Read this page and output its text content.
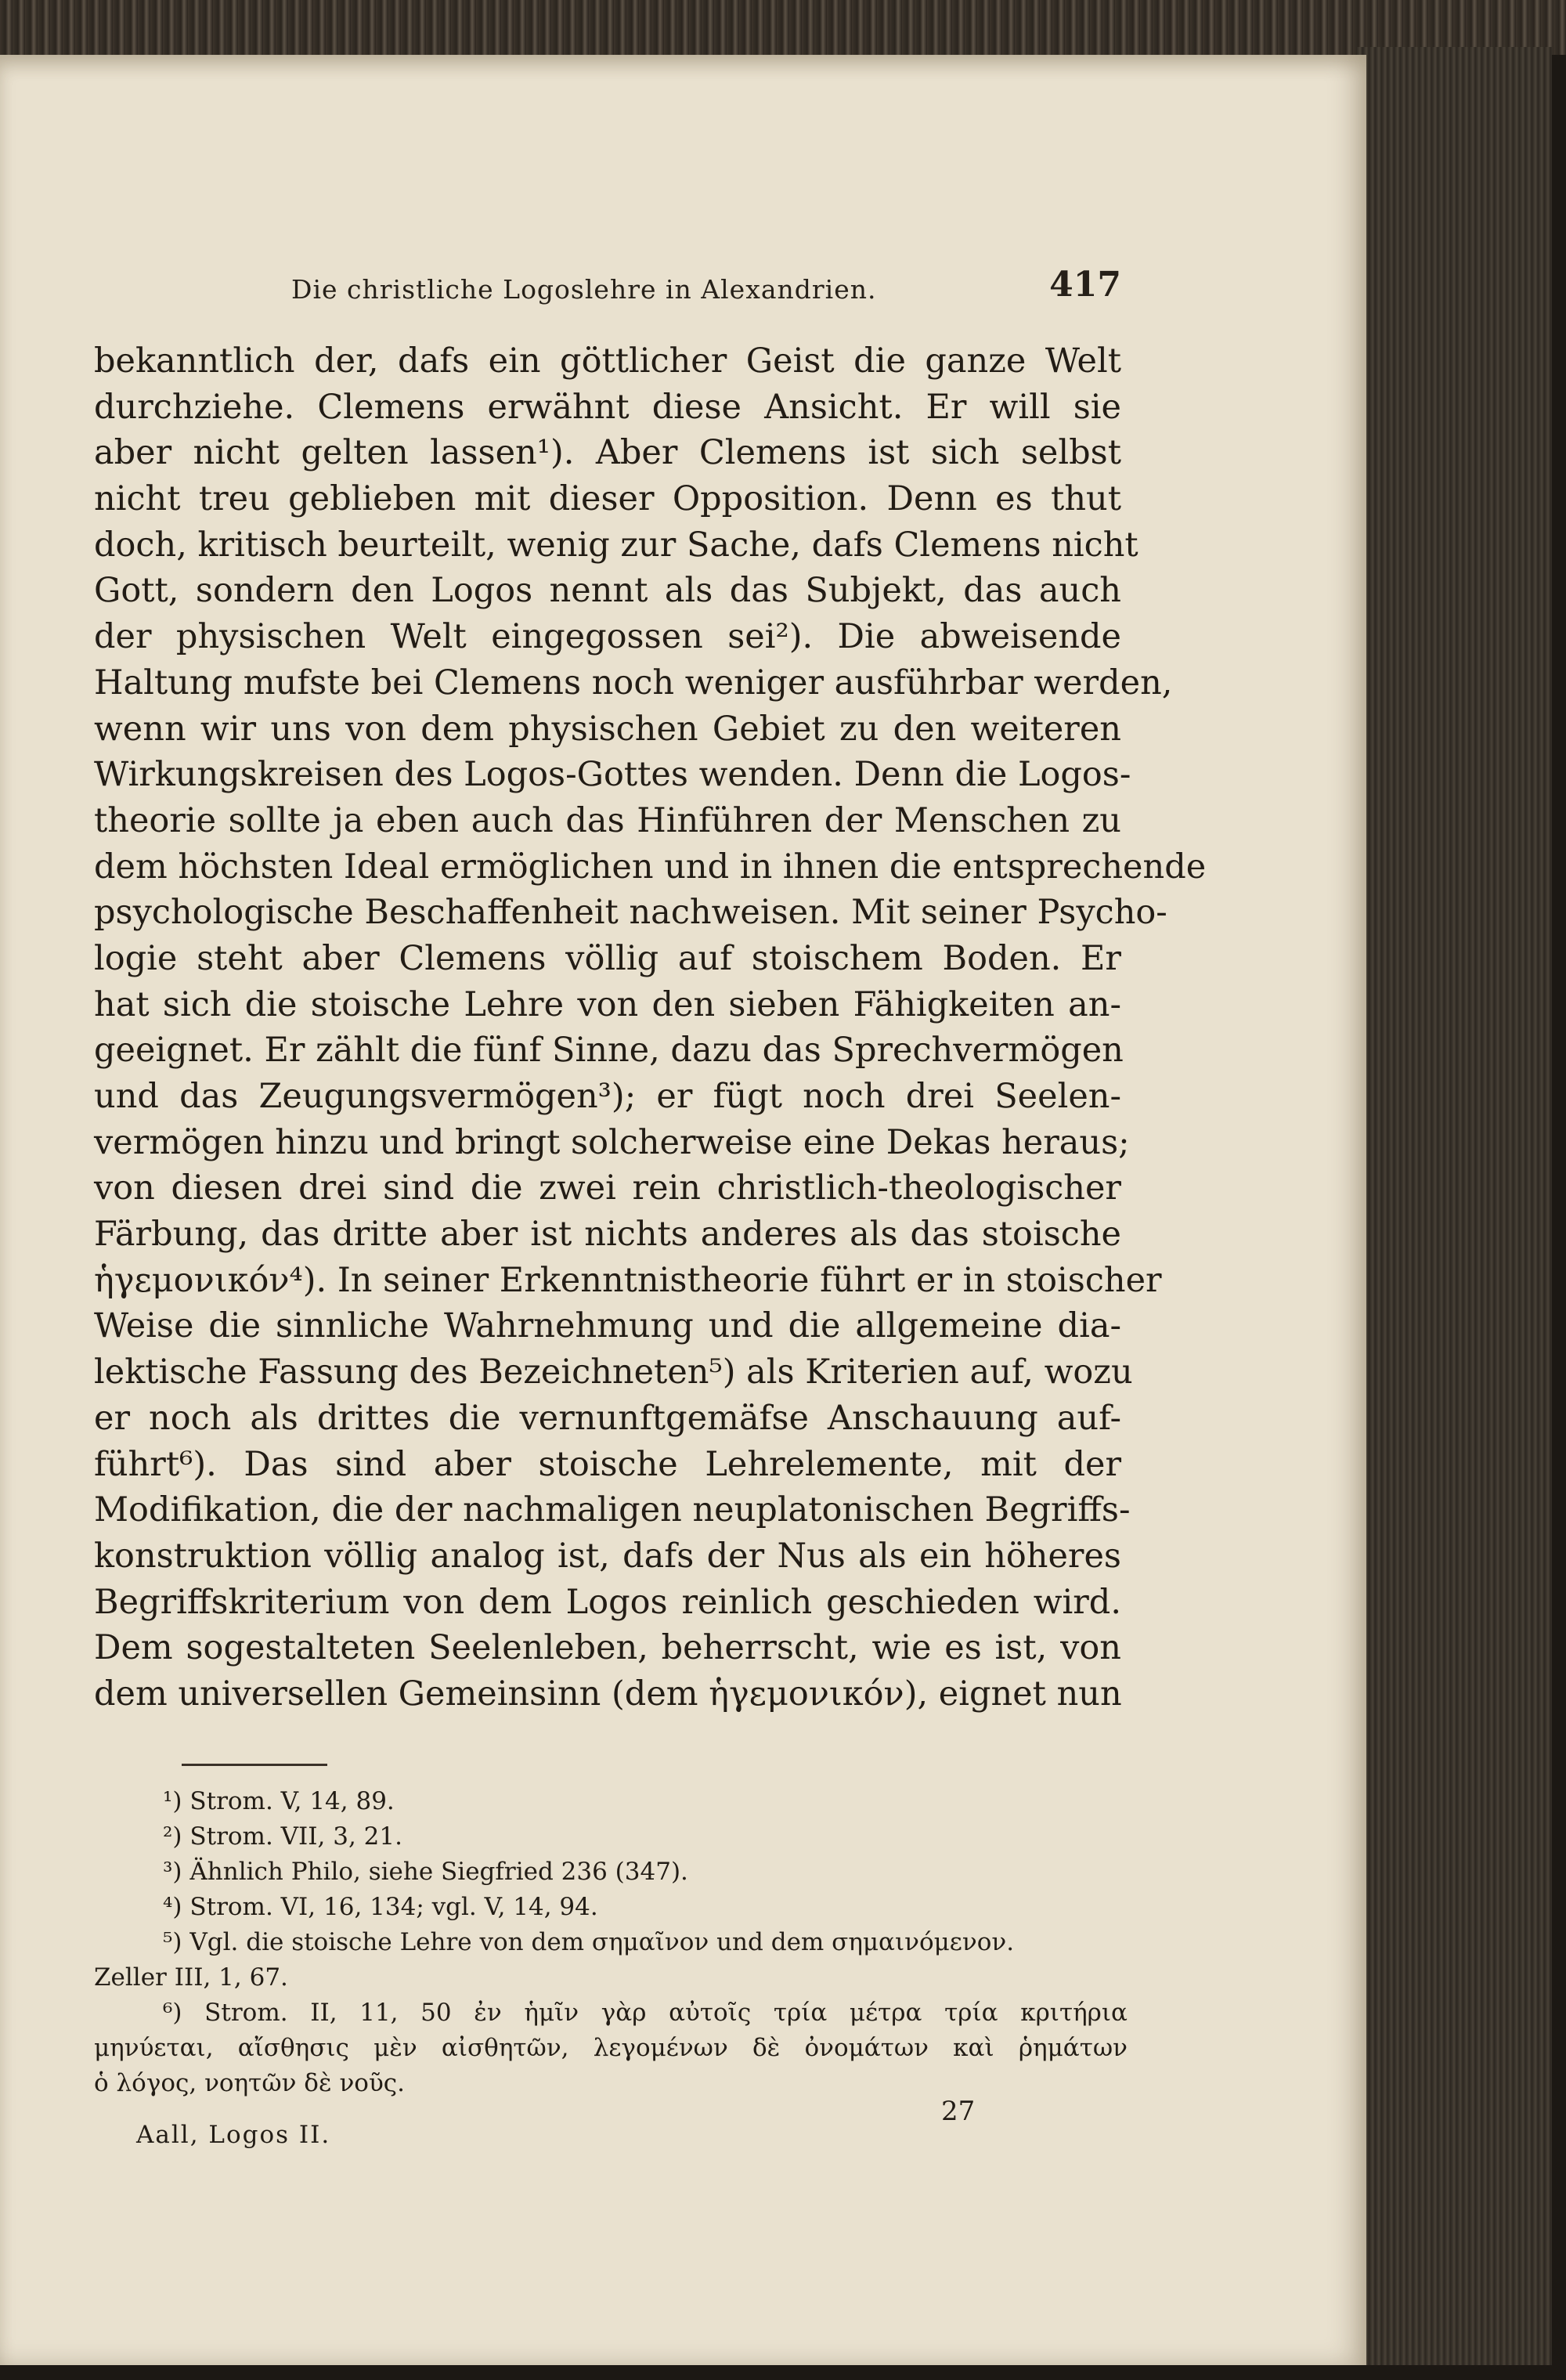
Die christliche Logoslehre in Alexandrien.	417
bekanntlich der, dafs ein göttlicher Geist die ganze Welt
durchziehe. Clemens erwähnt diese Ansicht. Er will sie
aber nicht gelten lassen¹). Aber Clemens ist sich selbst
nicht treu geblieben mit dieser Opposition. Denn es thut
doch, kritisch beurteilt, wenig zur Sache, dafs Clemens nicht
Gott, sondern den Logos nennt als das Subjekt, das auch
der physischen Welt eingegossen sei²). Die abweisende
Haltung mufste bei Clemens noch weniger ausführbar werden,
wenn wir uns von dem physischen Gebiet zu den weiteren
Wirkungskreisen des Logos-Gottes wenden. Denn die Logos-
theorie sollte ja eben auch das Hinführen der Menschen zu
dem höchsten Ideal ermöglichen und in ihnen die entsprechende
psychologische Beschaffenheit nachweisen. Mit seiner Psycho-
logie steht aber Clemens völlig auf stoischem Boden. Er
hat sich die stoische Lehre von den sieben Fähigkeiten an-
geeignet. Er zählt die fünf Sinne, dazu das Sprechvermögen
und das Zeugungsvermögen³); er fügt noch drei Seelen-
vermögen hinzu und bringt solcherweise eine Dekas heraus;
von diesen drei sind die zwei rein christlich-theologischer
Färbung, das dritte aber ist nichts anderes als das stoische
ἡγεμονικόν⁴). In seiner Erkenntnistheorie führt er in stoischer
Weise die sinnliche Wahrnehmung und die allgemeine dia-
lektische Fassung des Bezeichneten⁵) als Kriterien auf, wozu
er noch als drittes die vernunftgemäfse Anschauung auf-
führt⁶). Das sind aber stoische Lehrelemente, mit der
Modifikation, die der nachmaligen neuplatonischen Begriffs-
konstruktion völlig analog ist, dafs der Nus als ein höheres
Begriffskriterium von dem Logos reinlich geschieden wird.
Dem sogestalteten Seelenleben, beherrscht, wie es ist, von
dem universellen Gemeinsinn (dem ἡγεμονικόν), eignet nun
¹) Strom. V, 14, 89.
²) Strom. VII, 3, 21.
³) Ähnlich Philo, siehe Siegfried 236 (347).
⁴) Strom. VI, 16, 134; vgl. V, 14, 94.
⁵) Vgl. die stoische Lehre von dem σημαῖνον und dem σημαινόμενον.
Zeller III, 1, 67.
⁶) Strom. II, 11, 50 ἐν ἡμῖν γὰρ αὐτοῖς τρία μέτρα τρία κριτήρια
μηνύεται, αἴσθησις μὲν αἰσθητῶν, λεγομένων δὲ ὀνομάτων καὶ ῥημάτων
ὁ λόγος, νοητῶν δὲ νοῦς.
Aall, Logos II.
27
